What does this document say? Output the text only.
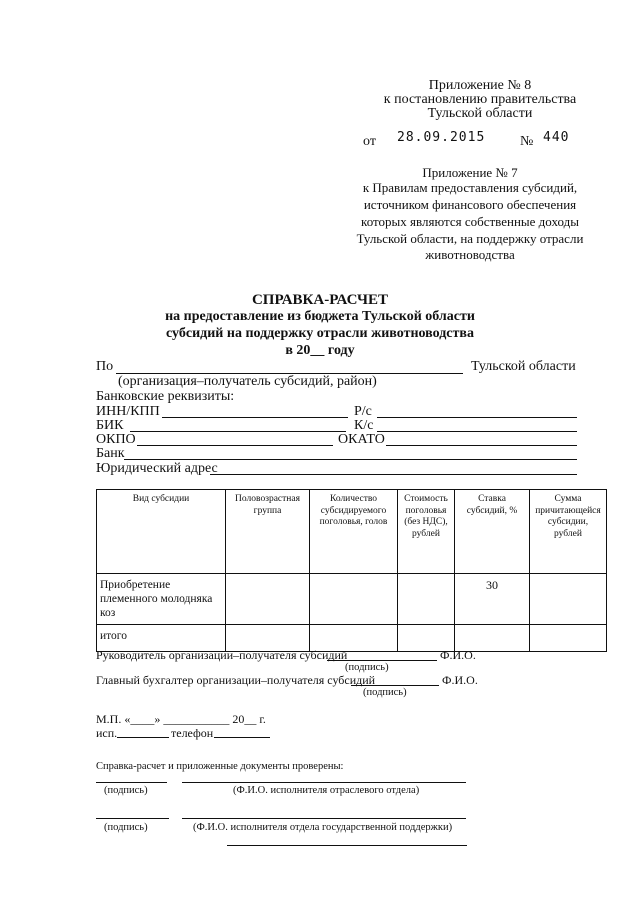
Приложение № 8
к постановлению правительства
Тульской области
от 28.09.2015 № 440
Приложение № 7
к Правилам предоставления субсидий,
источником финансового обеспечения
которых являются собственные доходы
Тульской области, на поддержку отрасли
животноводства
СПРАВКА-РАСЧЕТ
на предоставление из бюджета Тульской области
субсидий на поддержку отрасли животноводства
в 20__ году
По	Тульской области
(организация–получатель субсидий, район)
Банковские реквизиты:
ИНН/КПП	Р/с
БИК	К/с
ОКПО	ОКАТО
Банк
Юридический адрес
Вид субсидии	Половозрастная группа	Количество субсидируемого поголовья, голов	Стоимость поголовья (без НДС), рублей	Ставка субсидий, %	Сумма причитающейся субсидии, рублей
Приобретение племенного молодняка коз				30	
итого					
Руководитель организации–получателя субсидий	Ф.И.О.
(подпись)
Главный бухгалтер организации–получателя субсидий	Ф.И.О.
(подпись)
М.П. «____» ___________ 20__ г.
исп.	телефон
Справка-расчет и приложенные документы проверены:
(подпись)	(Ф.И.О. исполнителя отраслевого отдела)
(подпись)	(Ф.И.О. исполнителя отдела государственной поддержки)
